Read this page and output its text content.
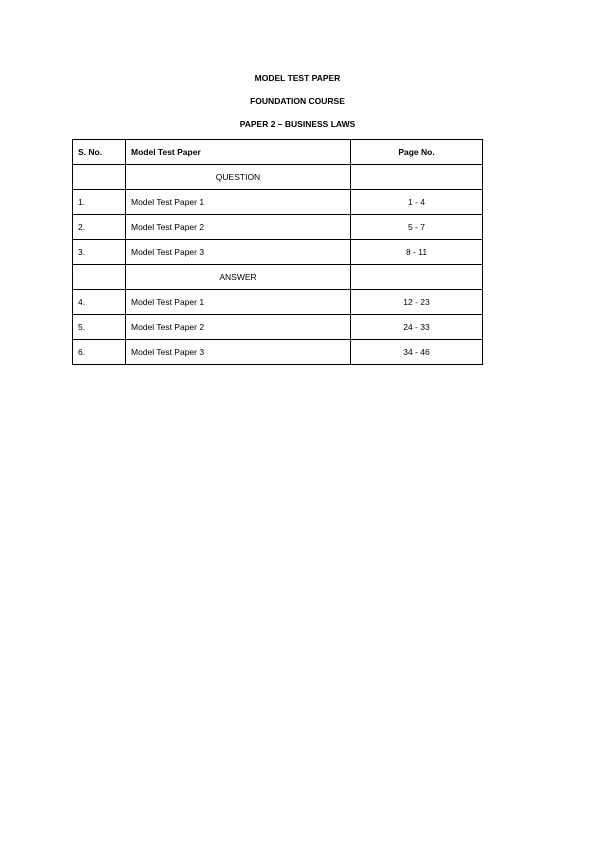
MODEL TEST PAPER
FOUNDATION COURSE
PAPER 2 – BUSINESS LAWS
S. No.	Model Test Paper	Page No.
	QUESTION	
1.	Model Test Paper 1	1 - 4
2.	Model Test Paper 2	5 - 7
3.	Model Test Paper 3	8 - 11
	ANSWER	
4.	Model Test Paper 1	12 - 23
5.	Model Test Paper 2	24 - 33
6.	Model Test Paper 3	34 - 46
